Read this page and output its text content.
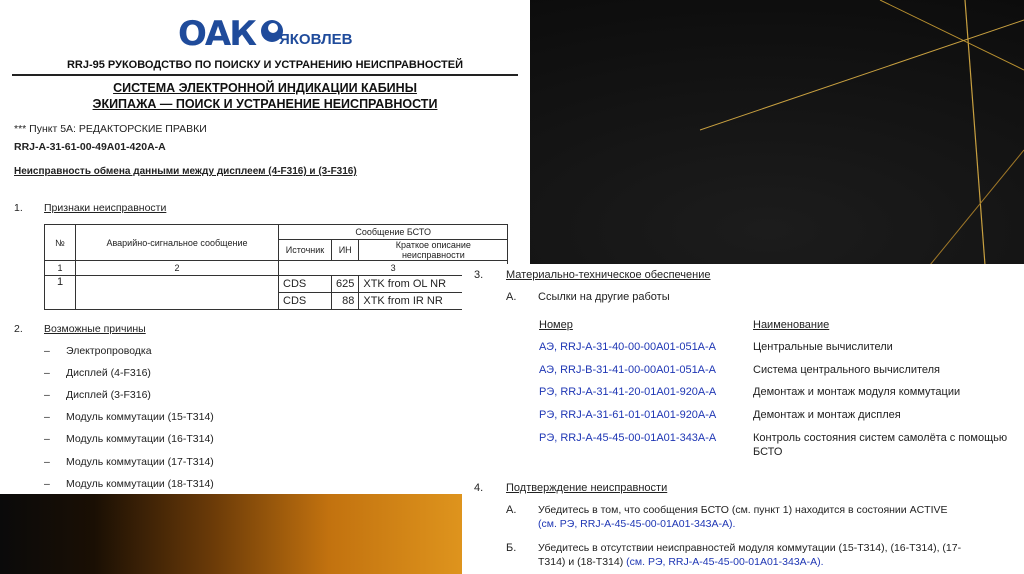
ОАК ЯКОВЛЕВ
RRJ-95 РУКОВОДСТВО ПО ПОИСКУ И УСТРАНЕНИЮ НЕИСПРАВНОСТЕЙ
СИСТЕМА ЭЛЕКТРОННОЙ ИНДИКАЦИИ КАБИНЫ
ЭКИПАЖА — ПОИСК И УСТРАНЕНИЕ НЕИСПРАВНОСТИ
*** Пункт 5А: РЕДАКТОРСКИЕ ПРАВКИ
RRJ-A-31-61-00-49A01-420A-A
Неисправность обмена данными между дисплеем (4-F316) и (3-F316)
1. Признаки неисправности
№	Аварийно-сигнальное сообщение	Сообщение БСТО		
		Источник	ИН	Краткое описание неисправности
1	2	3		
1		CDS	625	XTK from OL NR
		CDS	88	XTK from IR NR
2. Возможные причины
– Электропроводка
– Дисплей (4-F316)
– Дисплей (3-F316)
– Модуль коммутации (15-T314)
– Модуль коммутации (16-T314)
– Модуль коммутации (17-T314)
– Модуль коммутации (18-T314)
3. Материально-техническое обеспечение
А. Ссылки на другие работы
Номер	Наименование
АЭ, RRJ-A-31-40-00-00A01-051A-A	Центральные вычислители
АЭ, RRJ-B-31-41-00-00A01-051A-A	Система центрального вычислителя
РЭ, RRJ-A-31-41-20-01A01-920A-A	Демонтаж и монтаж модуля коммутации
РЭ, RRJ-A-31-61-01-01A01-920A-A	Демонтаж и монтаж дисплея
РЭ, RRJ-A-45-45-00-01A01-343A-A	Контроль состояния систем самолёта с помощью
БСТО
4. Подтверждение неисправности
А. Убедитесь в том, что сообщения БСТО (см. пункт 1) находится в состоянии ACTIVE
(см. РЭ, RRJ-A-45-45-00-01A01-343A-A).
Б. Убедитесь в отсутствии неисправностей модуля коммутации (15-T314), (16-T314), (17-
T314) и (18-T314) (см. РЭ, RRJ-A-45-45-00-01A01-343A-A).
